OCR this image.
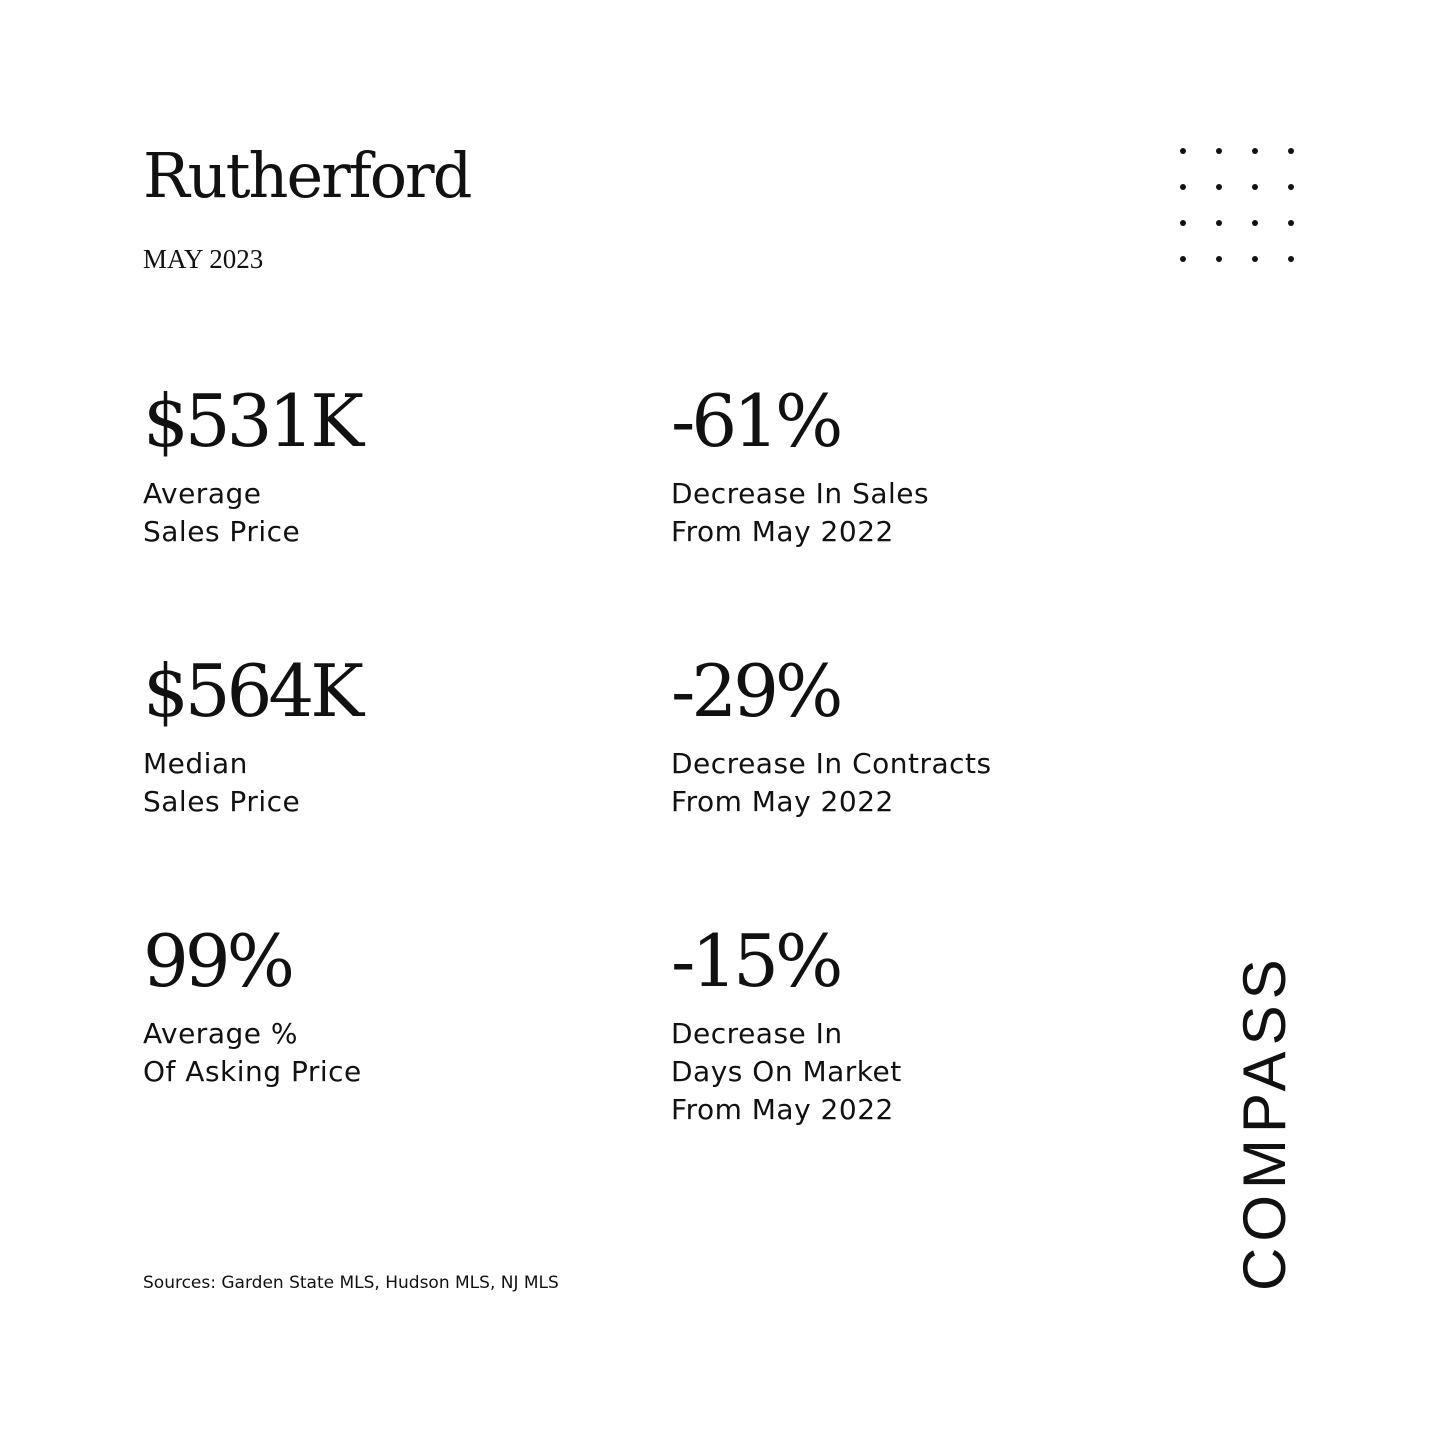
Rutherford
MAY 2023
$531K
Average
Sales Price
-61%
Decrease In Sales
From May 2022
$564K
Median
Sales Price
-29%
Decrease In Contracts
From May 2022
99%
Average %
Of Asking Price
-15%
Decrease In
Days On Market
From May 2022
Sources: Garden State MLS, Hudson MLS, NJ MLS	COMPASS
